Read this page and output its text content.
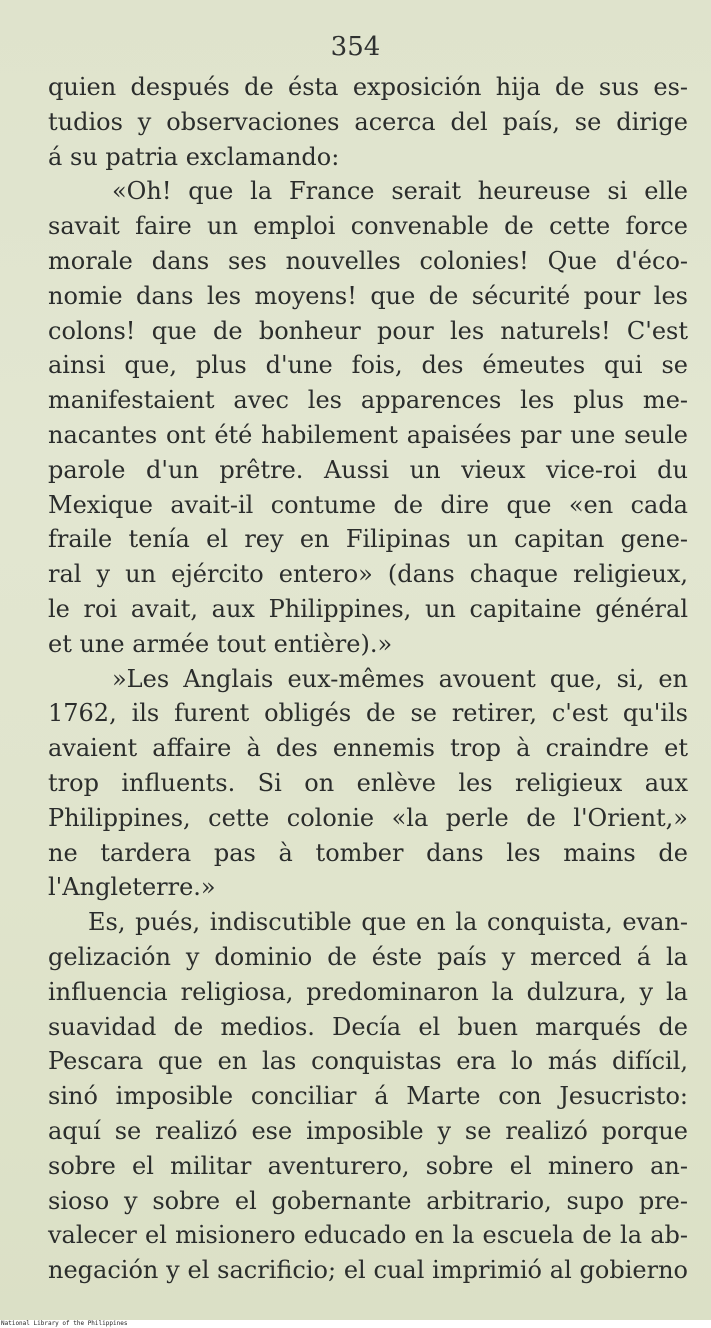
354
quien después de ésta exposición hija de sus es-
tudios y observaciones acerca del país, se dirige
á su patria exclamando:
«Oh! que la France serait heureuse si elle
savait faire un emploi convenable de cette force
morale dans ses nouvelles colonies! Que d'éco-
nomie dans les moyens! que de sécurité pour les
colons! que de bonheur pour les naturels! C'est
ainsi que, plus d'une fois, des émeutes qui se
manifestaient avec les apparences les plus me-
nacantes ont été habilement apaisées par une seule
parole d'un prêtre. Aussi un vieux vice-roi du
Mexique avait-il contume de dire que «en cada
fraile tenía el rey en Filipinas un capitan gene-
ral y un ejército entero» (dans chaque religieux,
le roi avait, aux Philippines, un capitaine général
et une armée tout entière).»
»Les Anglais eux-mêmes avouent que, si, en
1762, ils furent obligés de se retirer, c'est qu'ils
avaient affaire à des ennemis trop à craindre et
trop influents. Si on enlève les religieux aux
Philippines, cette colonie «la perle de l'Orient,»
ne tardera pas à tomber dans les mains de
l'Angleterre.»
Es, pués, indiscutible que en la conquista, evan-
gelización y dominio de éste país y merced á la
influencia religiosa, predominaron la dulzura, y la
suavidad de medios. Decía el buen marqués de
Pescara que en las conquistas era lo más difícil,
sinó imposible conciliar á Marte con Jesucristo:
aquí se realizó ese imposible y se realizó porque
sobre el militar aventurero, sobre el minero an-
sioso y sobre el gobernante arbitrario, supo pre-
valecer el misionero educado en la escuela de la ab-
negación y el sacrificio; el cual imprimió al gobierno
National Library of the Philippines
